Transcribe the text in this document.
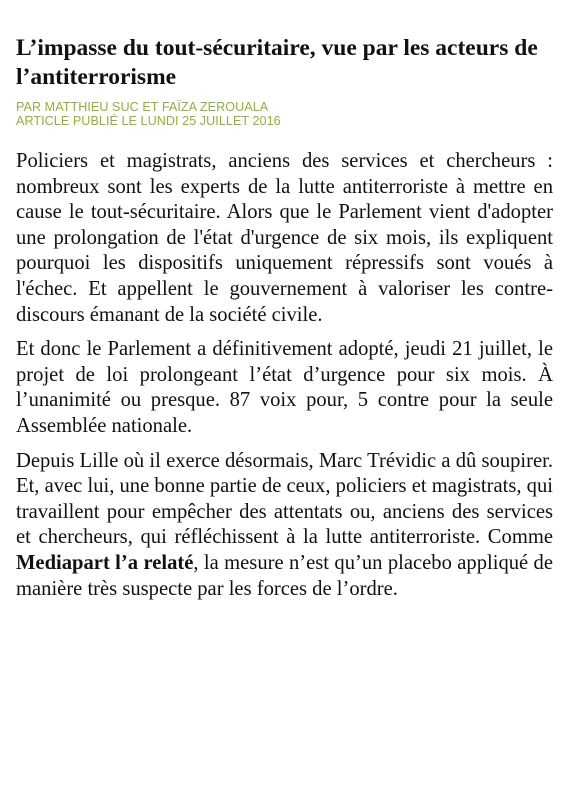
L’impasse du tout-sécuritaire, vue par les acteurs de l’antiterrorisme
PAR MATTHIEU SUC ET FAÏZA ZEROUALA
ARTICLE PUBLIÉ LE LUNDI 25 JUILLET 2016

Policiers et magistrats, anciens des services et chercheurs : nombreux sont les experts de la lutte antiterroriste à mettre en cause le tout-sécuritaire. Alors que le Parlement vient d'adopter une prolongation de l'état d'urgence de six mois, ils expliquent pourquoi les dispositifs uniquement répressifs sont voués à l'échec. Et appellent le gouvernement à valoriser les contre-discours émanant de la société civile.

Et donc le Parlement a définitivement adopté, jeudi 21 juillet, le projet de loi prolongeant l’état d’urgence pour six mois. À l’unanimité ou presque. 87 voix pour, 5 contre pour la seule Assemblée nationale.

Depuis Lille où il exerce désormais, Marc Trévidic a dû soupirer. Et, avec lui, une bonne partie de ceux, policiers et magistrats, qui travaillent pour empêcher des attentats ou, anciens des services et chercheurs, qui réfléchissent à la lutte antiterroriste. Comme Mediapart l’a relaté, la mesure n’est qu’un placebo appliqué de manière très suspecte par les forces de l’ordre.
